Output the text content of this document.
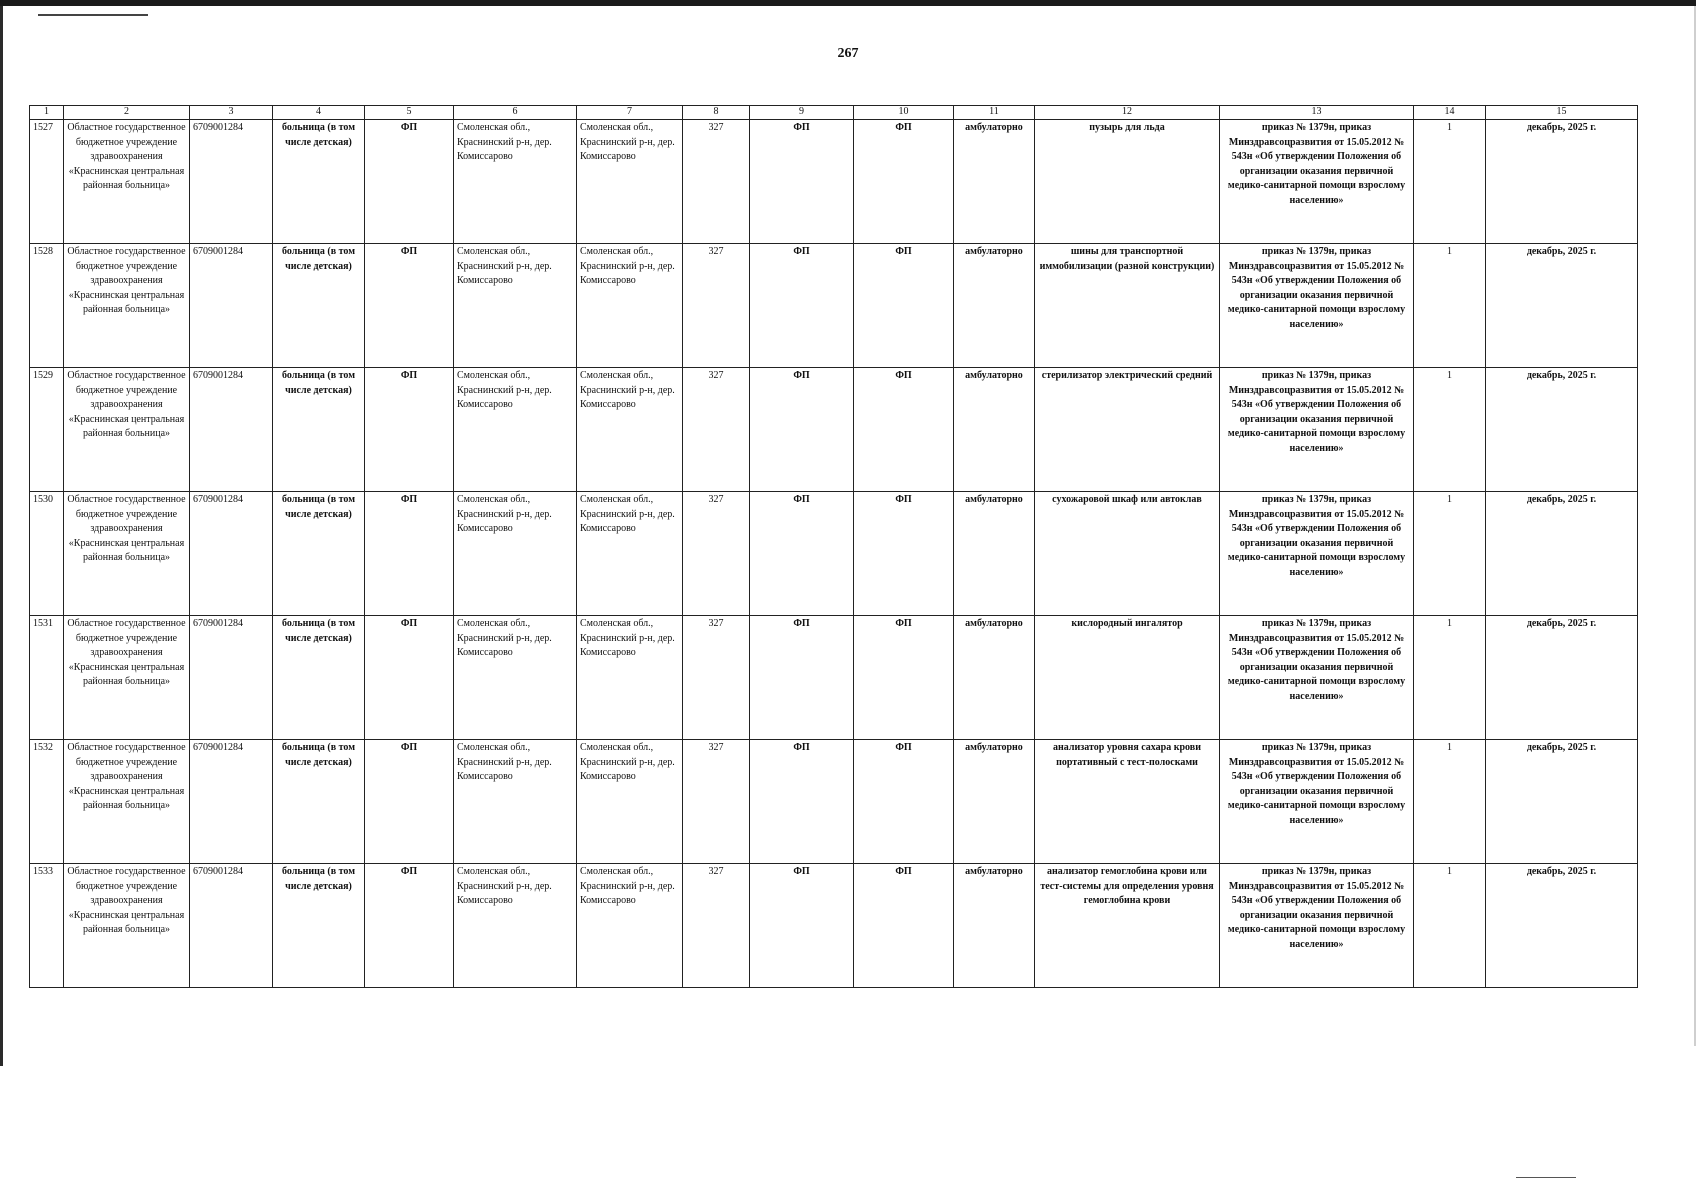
267
1	2	3	4	5	6	7	8	9	10	11	12	13	14	15
1527	Областное государственное бюджетное учреждение здравоохранения «Краснинская центральная районная больница»	6709001284	больница (в том числе детская)	ФП	Смоленская обл., Краснинский р-н, дер. Комиссарово	Смоленская обл., Краснинский р-н, дер. Комиссарово	327	ФП	ФП	амбулаторно	пузырь для льда	приказ № 1379н, приказ Минздравсоцразвития от 15.05.2012 № 543н «Об утверждении Положения об организации оказания первичной медико-санитарной помощи взрослому населению»	1	декабрь, 2025 г.
1528	Областное государственное бюджетное учреждение здравоохранения «Краснинская центральная районная больница»	6709001284	больница (в том числе детская)	ФП	Смоленская обл., Краснинский р-н, дер. Комиссарово	Смоленская обл., Краснинский р-н, дер. Комиссарово	327	ФП	ФП	амбулаторно	шины для транспортной иммобилизации (разной конструкции)	приказ № 1379н, приказ Минздравсоцразвития от 15.05.2012 № 543н «Об утверждении Положения об организации оказания первичной медико-санитарной помощи взрослому населению»	1	декабрь, 2025 г.
1529	Областное государственное бюджетное учреждение здравоохранения «Краснинская центральная районная больница»	6709001284	больница (в том числе детская)	ФП	Смоленская обл., Краснинский р-н, дер. Комиссарово	Смоленская обл., Краснинский р-н, дер. Комиссарово	327	ФП	ФП	амбулаторно	стерилизатор электрический средний	приказ № 1379н, приказ Минздравсоцразвития от 15.05.2012 № 543н «Об утверждении Положения об организации оказания первичной медико-санитарной помощи взрослому населению»	1	декабрь, 2025 г.
1530	Областное государственное бюджетное учреждение здравоохранения «Краснинская центральная районная больница»	6709001284	больница (в том числе детская)	ФП	Смоленская обл., Краснинский р-н, дер. Комиссарово	Смоленская обл., Краснинский р-н, дер. Комиссарово	327	ФП	ФП	амбулаторно	сухожаровой шкаф или автоклав	приказ № 1379н, приказ Минздравсоцразвития от 15.05.2012 № 543н «Об утверждении Положения об организации оказания первичной медико-санитарной помощи взрослому населению»	1	декабрь, 2025 г.
1531	Областное государственное бюджетное учреждение здравоохранения «Краснинская центральная районная больница»	6709001284	больница (в том числе детская)	ФП	Смоленская обл., Краснинский р-н, дер. Комиссарово	Смоленская обл., Краснинский р-н, дер. Комиссарово	327	ФП	ФП	амбулаторно	кислородный ингалятор	приказ № 1379н, приказ Минздравсоцразвития от 15.05.2012 № 543н «Об утверждении Положения об организации оказания первичной медико-санитарной помощи взрослому населению»	1	декабрь, 2025 г.
1532	Областное государственное бюджетное учреждение здравоохранения «Краснинская центральная районная больница»	6709001284	больница (в том числе детская)	ФП	Смоленская обл., Краснинский р-н, дер. Комиссарово	Смоленская обл., Краснинский р-н, дер. Комиссарово	327	ФП	ФП	амбулаторно	анализатор уровня сахара крови портативный с тест-полосками	приказ № 1379н, приказ Минздравсоцразвития от 15.05.2012 № 543н «Об утверждении Положения об организации оказания первичной медико-санитарной помощи взрослому населению»	1	декабрь, 2025 г.
1533	Областное государственное бюджетное учреждение здравоохранения «Краснинская центральная районная больница»	6709001284	больница (в том числе детская)	ФП	Смоленская обл., Краснинский р-н, дер. Комиссарово	Смоленская обл., Краснинский р-н, дер. Комиссарово	327	ФП	ФП	амбулаторно	анализатор гемоглобина крови или тест-системы для определения уровня гемоглобина крови	приказ № 1379н, приказ Минздравсоцразвития от 15.05.2012 № 543н «Об утверждении Положения об организации оказания первичной медико-санитарной помощи взрослому населению»	1	декабрь, 2025 г.
